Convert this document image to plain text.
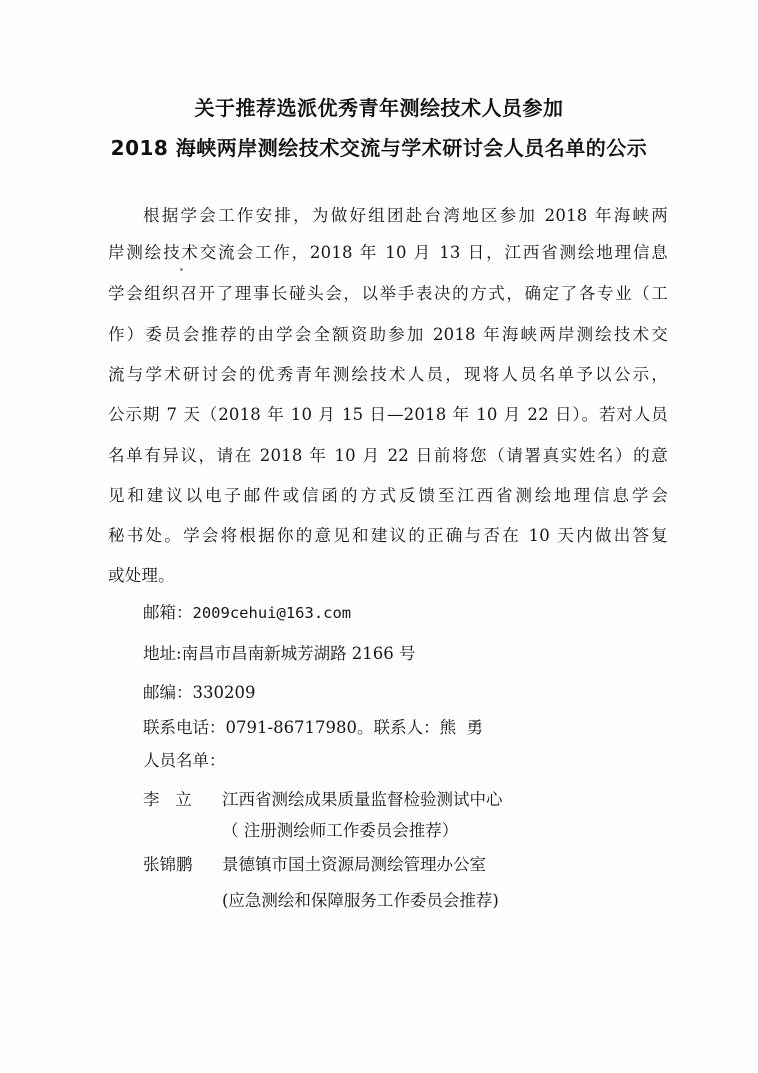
关于推荐选派优秀青年测绘技术人员参加
2018 海峡两岸测绘技术交流与学术研讨会人员名单的公示
根据学会工作安排，为做好组团赴台湾地区参加 2018 年海峡两
岸测绘技术交流会工作，2018 年 10 月 13 日，江西省测绘地理信息
学会组织召开了理事长碰头会，以举手表决的方式，确定了各专业（工
作）委员会推荐的由学会全额资助参加 2018 年海峡两岸测绘技术交
流与学术研讨会的优秀青年测绘技术人员，现将人员名单予以公示，
公示期 7 天（2018 年 10 月 15 日—2018 年 10 月 22 日）。若对人员
名单有异议，请在 2018 年 10 月 22 日前将您（请署真实姓名）的意
见和建议以电子邮件或信函的方式反馈至江西省测绘地理信息学会
秘书处。学会将根据你的意见和建议的正确与否在 10 天内做出答复
或处理。
邮箱：2009cehui@163.com
地址:南昌市昌南新城芳湖路 2166 号
邮编：330209
联系电话：0791-86717980。联系人：熊  勇
人员名单：
李   立 江西省测绘成果质量监督检验测试中心
（ 注册测绘师工作委员会推荐）
张锦鹏 景德镇市国土资源局测绘管理办公室
(应急测绘和保障服务工作委员会推荐)
